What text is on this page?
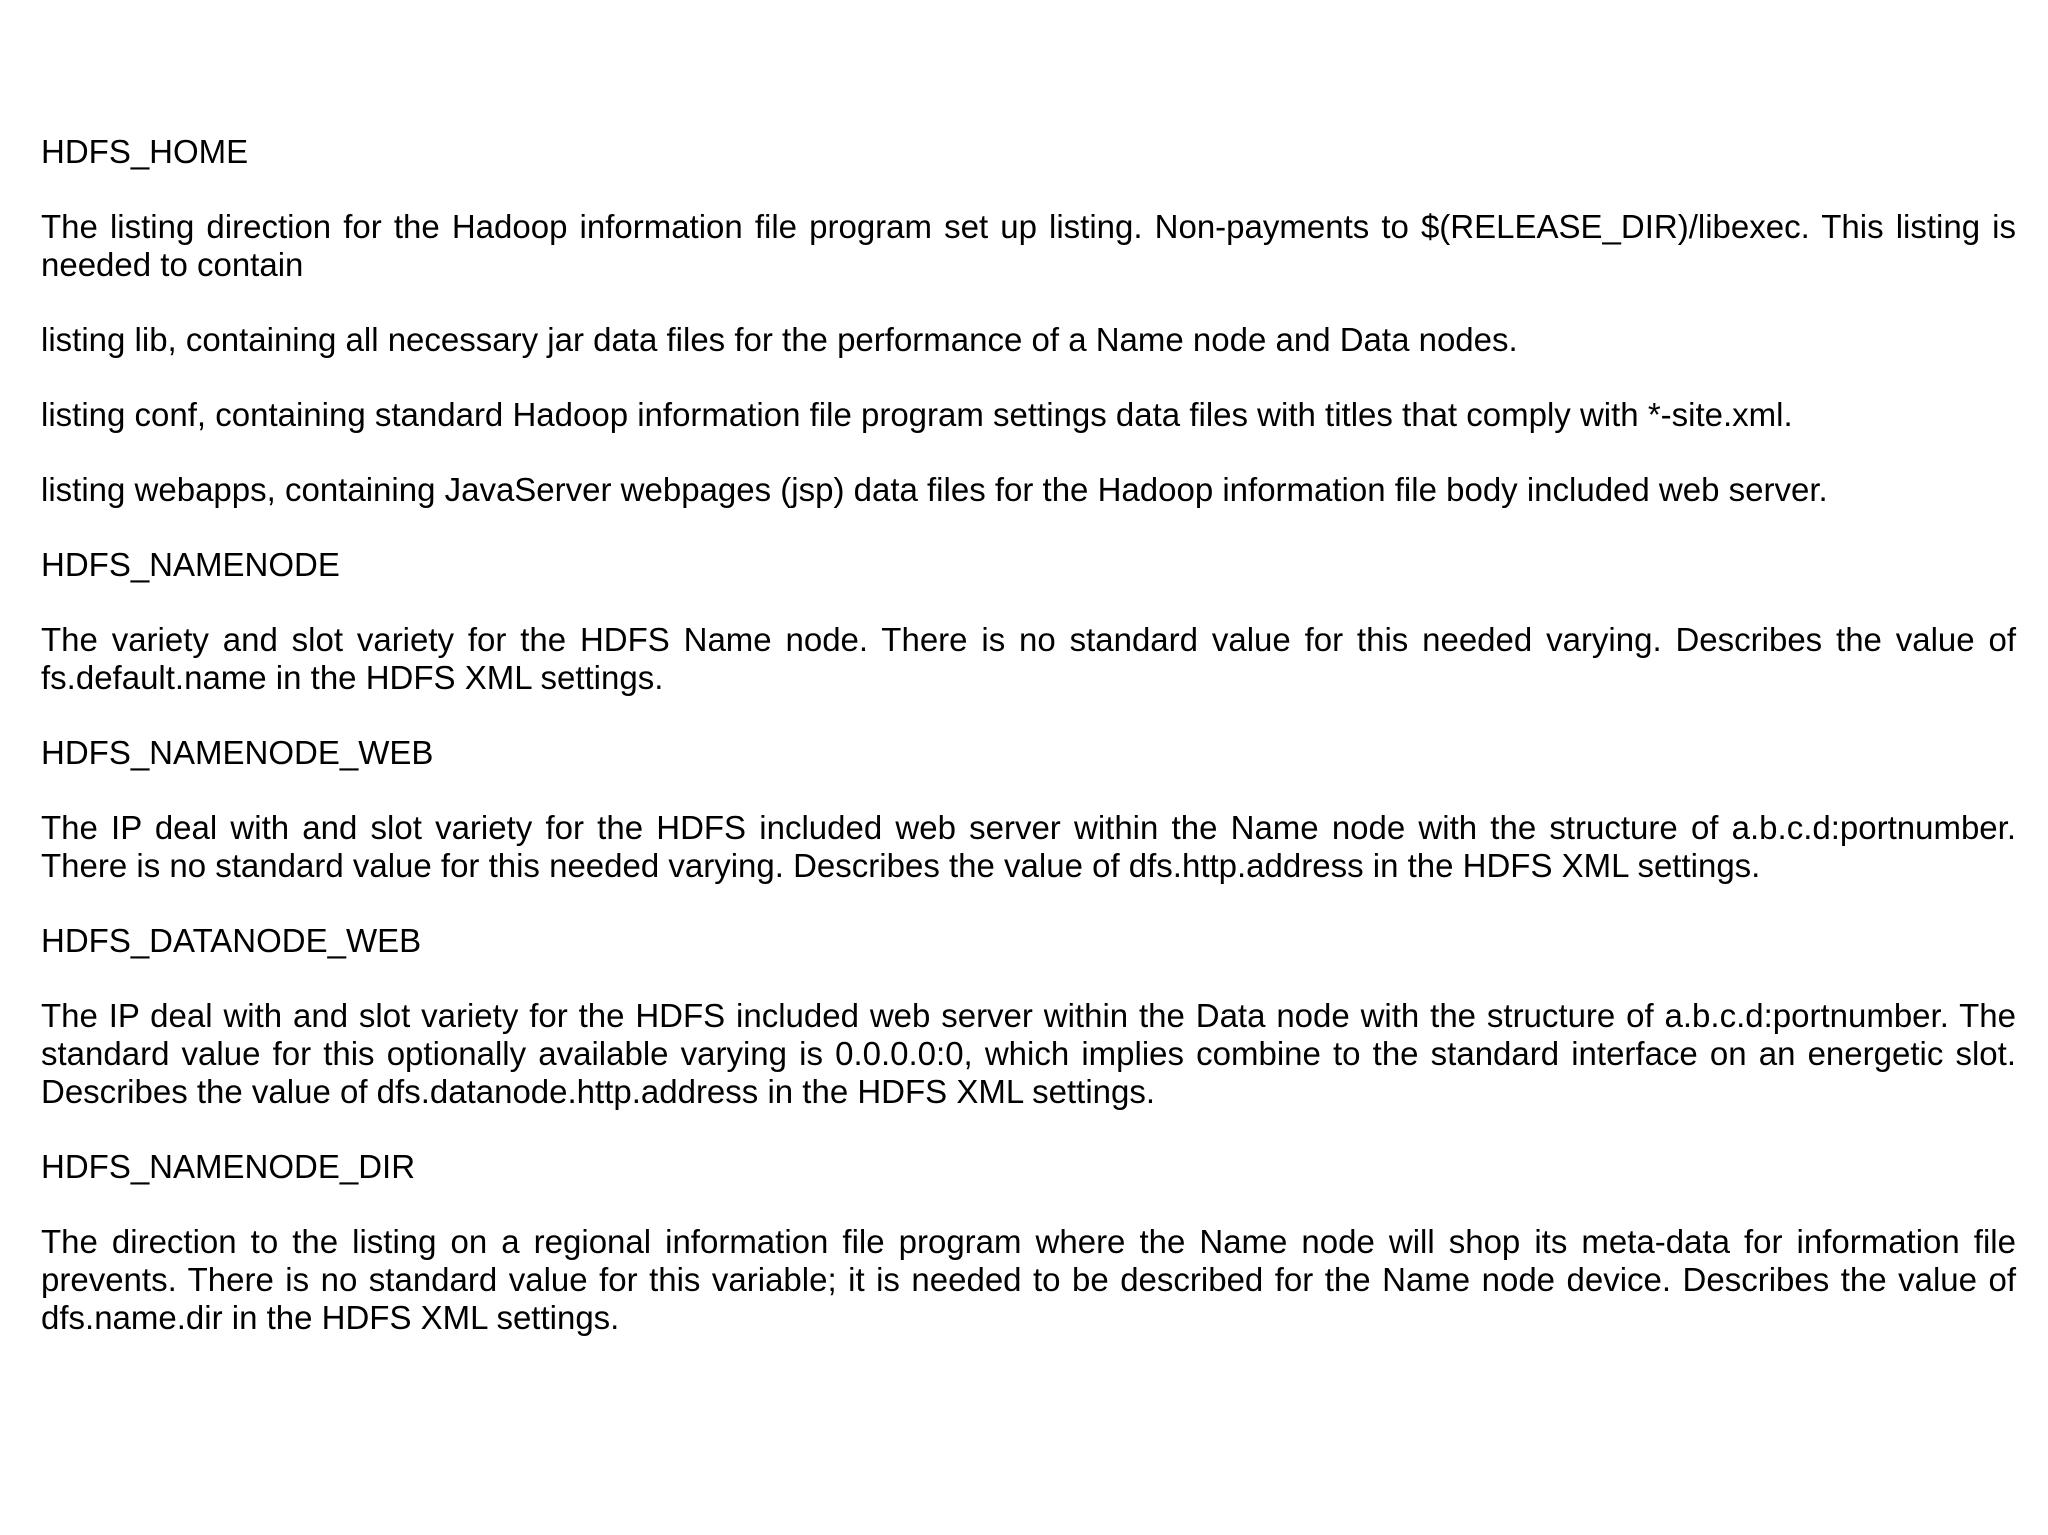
HDFS_HOME

The listing direction for the Hadoop information file program set up listing. Non-payments to $(RELEASE_DIR)/libexec. This listing is needed to contain

listing lib, containing all necessary jar data files for the performance of a Name node and Data nodes.

listing conf, containing standard Hadoop information file program settings data files with titles that comply with *-site.xml.

listing webapps, containing JavaServer webpages (jsp) data files for the Hadoop information file body included web server.

HDFS_NAMENODE

The variety and slot variety for the HDFS Name node. There is no standard value for this needed varying. Describes the value of fs.default.name in the HDFS XML settings.

HDFS_NAMENODE_WEB

The IP deal with and slot variety for the HDFS included web server within the Name node with the structure of a.b.c.d:portnumber. There is no standard value for this needed varying. Describes the value of dfs.http.address in the HDFS XML settings.

HDFS_DATANODE_WEB

The IP deal with and slot variety for the HDFS included web server within the Data node with the structure of a.b.c.d:portnumber. The standard value for this optionally available varying is 0.0.0.0:0, which implies combine to the standard interface on an energetic slot. Describes the value of dfs.datanode.http.address in the HDFS XML settings.

HDFS_NAMENODE_DIR

The direction to the listing on a regional information file program where the Name node will shop its meta-data for information file prevents. There is no standard value for this variable; it is needed to be described for the Name node device. Describes the value of dfs.name.dir in the HDFS XML settings.
